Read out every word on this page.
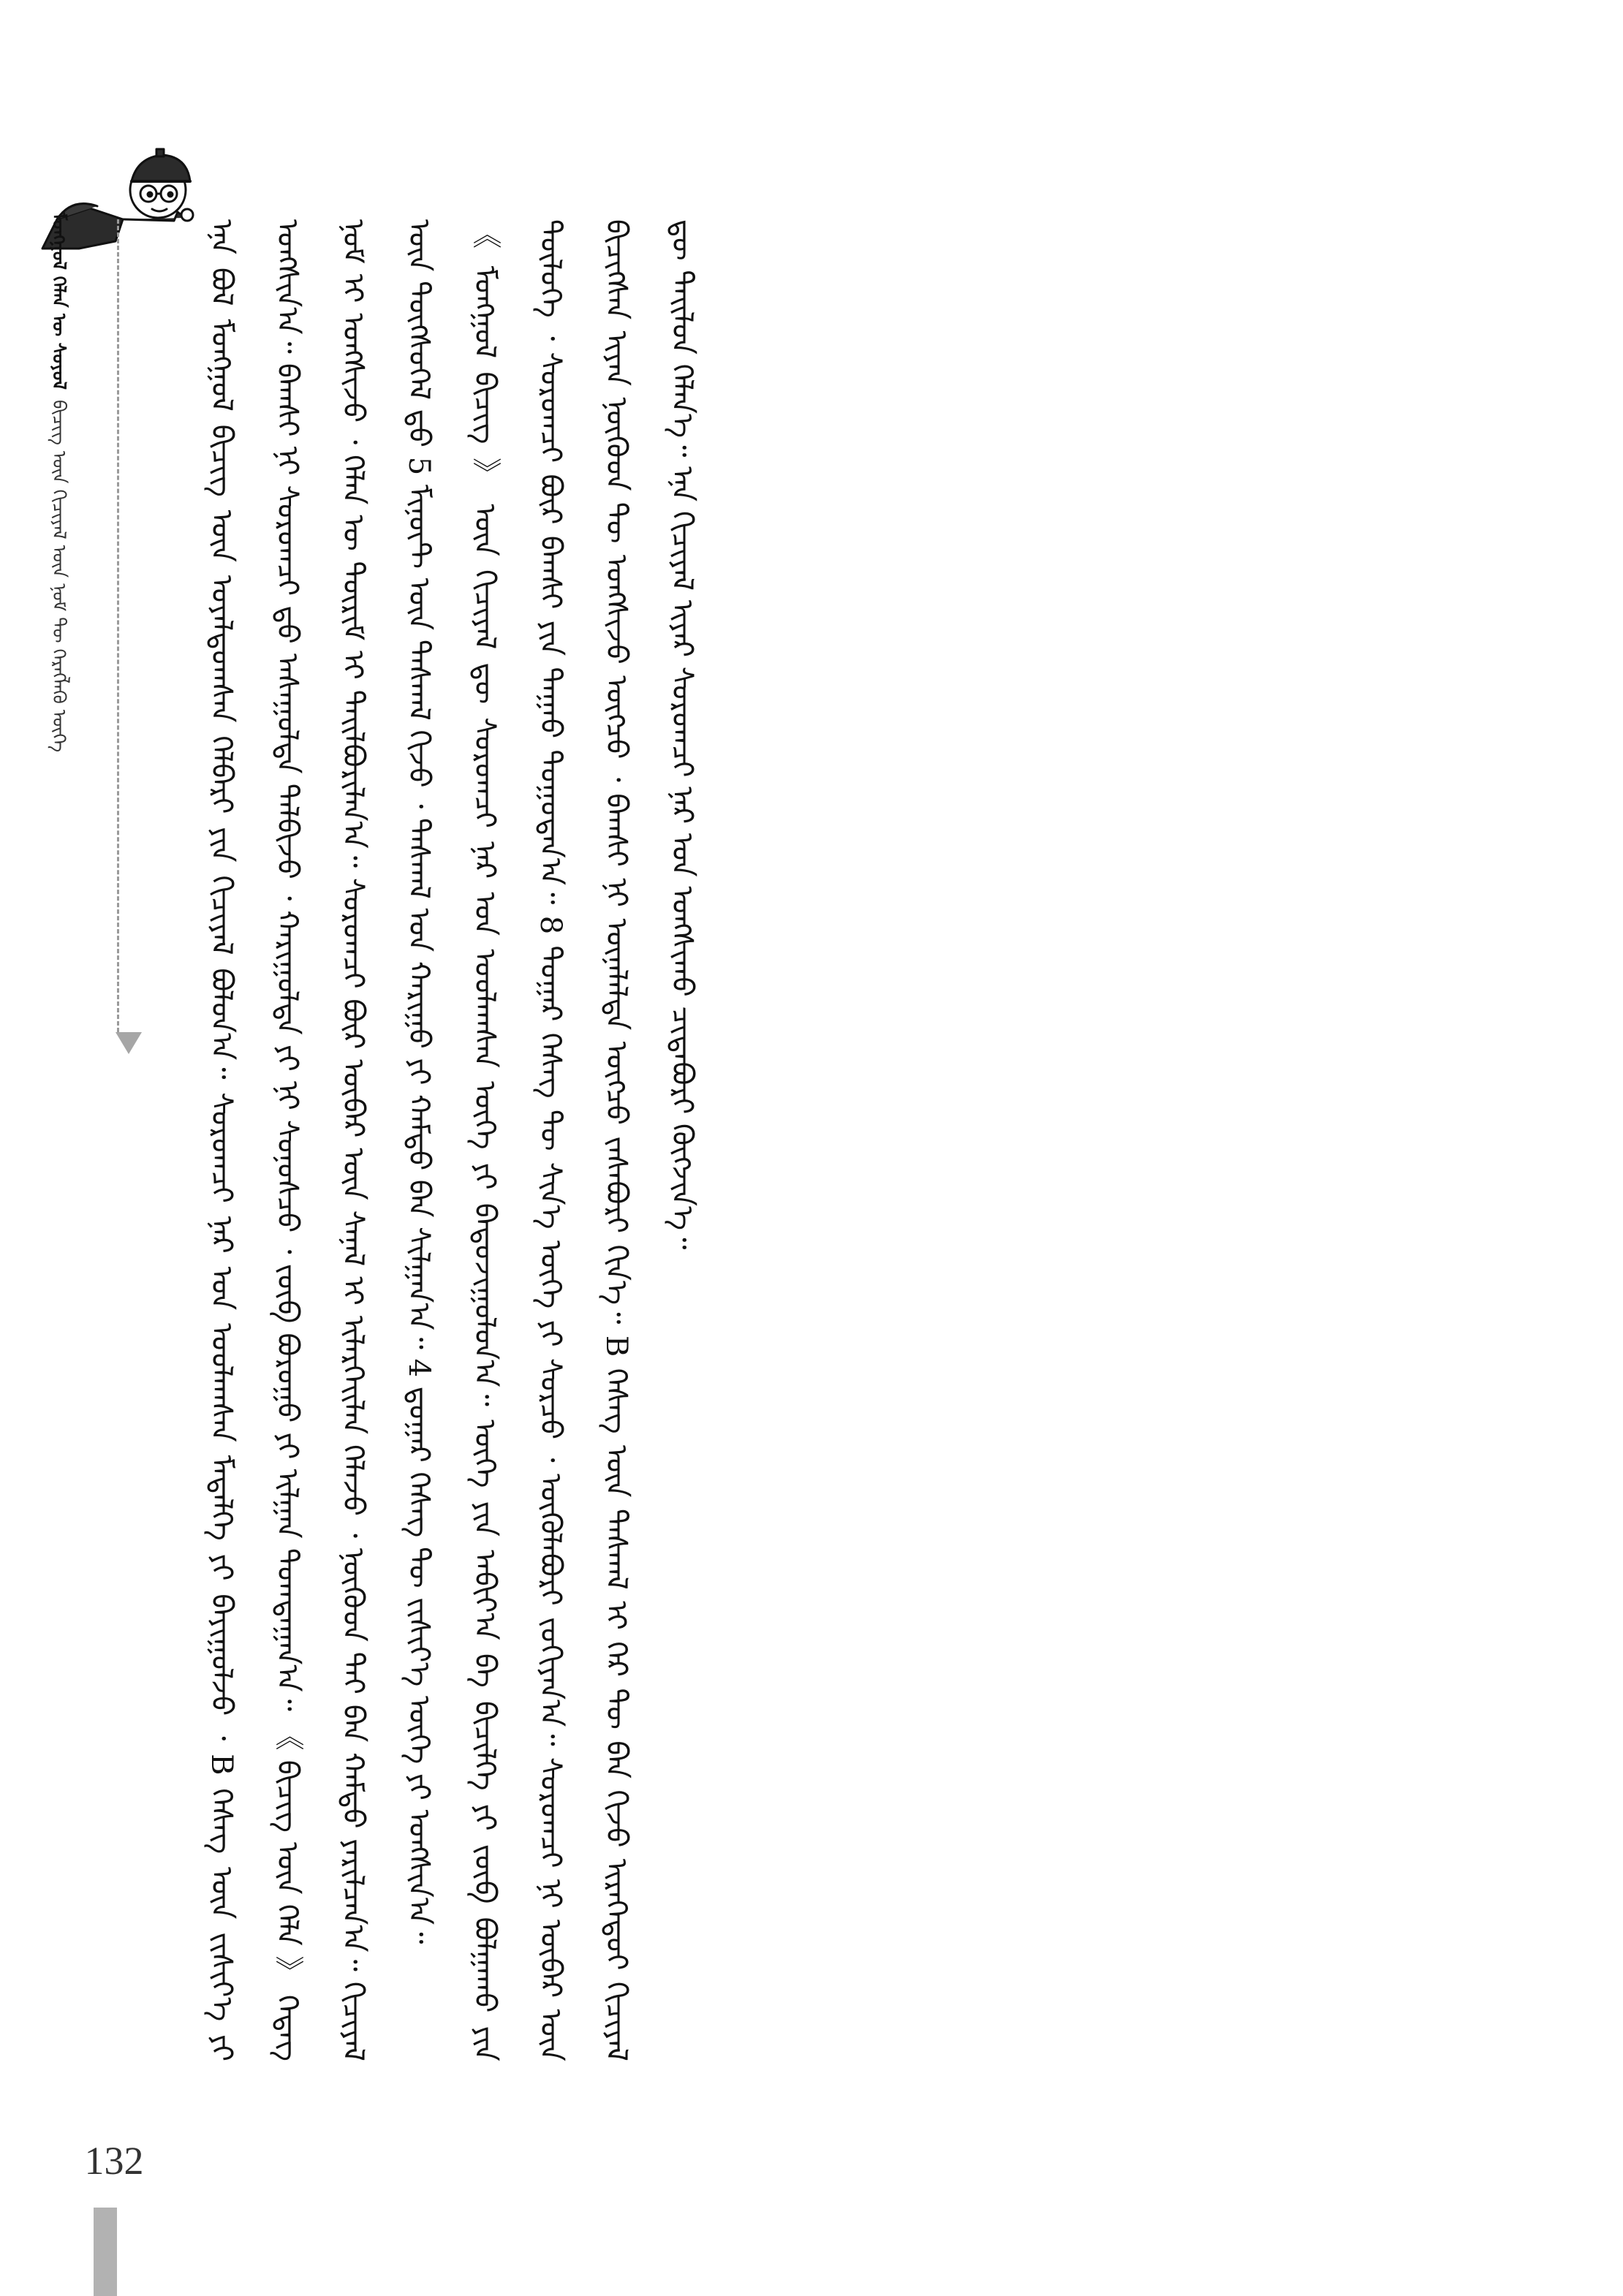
ᠮᠣᠩᠭᠣᠯ ᠬᠡᠯᠡᠨ ᠦ ᠰᠣᠶᠣᠯ
ᠪᠢᠴᠢᠭ ᠦᠨ ᠬᠢᠴᠢᠶᠡᠯ ᠦᠨ ᠨᠣᠮ ᠲᠦ ᠬᠡᠷᠡᠭᠯᠡᠬᠦ ᠦᠭᠡ	ᠡᠨᠡ ᠪᠣᠯ ᠮᠣᠩᠭᠣᠯ ᠪᠢᠴᠢᠭ ᠦᠨ ᠤᠶᠠᠯᠳᠤᠭᠰᠠᠨ ᠬᠡᠯᠪᠡᠷᠢ ᠶᠢᠨ ᠬᠢᠴᠢᠶᠡᠯ ᠪᠣᠯᠣᠨ᠎ᠠ᠃ ᠰᠤᠷᠤᠭᠴᠢ ᠨᠠᠷ ᠤᠨ ᠤᠤᠯᠠᠭᠰᠠᠨ ᠮᠡᠳᠡᠯᠭᠡ ᠶᠢ ᠪᠠᠶᠢᠭᠤᠯᠵᠤ ᠂ B ᠬᠡᠰᠡᠭ ᠦᠨ ᠵᠢᠱᠢᠶ᠎ᠡ ᠶᠢ ᠤᠩᠰᠢᠨ᠎ᠠ᠃ ᠪᠠᠭᠰᠢ ᠨᠢ ᠰᠤᠷᠤᠭᠴᠢ ᠳ᠋ᠤ ᠠᠰᠠᠭᠤᠯᠲᠠ ᠲᠠᠯᠪᠢᠵᠤ ᠂ ᠬᠠᠷᠢᠭᠤᠯᠲᠠ ᠶᠢ ᠨᠢ ᠰᠣᠨᠣᠰᠴᠤ ᠂ ᠵᠦᠪ ᠪᠤᠷᠤᠭᠤ ᠶᠢ ᠢᠯᠭᠠᠨ ᠲᠣᠭᠲᠠᠭᠠᠨ᠎ᠠ᠃ 《 ᠪᠢᠴᠢᠭ ᠦᠨ ᠬᠡᠯᠡ 》 ᠭᠡᠳᠡᠭ ᠨᠣᠮ ᠢ ᠤᠩᠰᠢᠵᠤ ᠂ ᠬᠡᠯᠡᠨ ᠦ ᠳᠦᠷᠢᠮ ᠢ ᠲᠠᠢᠯᠪᠤᠷᠢᠯᠠᠨ᠎ᠠ᠃ ᠰᠤᠷᠤᠭᠴᠢ ᠪᠦᠷ ᠥᠪᠡᠷ ᠦᠨ ᠰᠠᠨᠠᠯ ᠢ ᠢᠯᠡᠷᠬᠡᠢᠯᠡᠨ ᠬᠡᠯᠡᠵᠦ ᠂ ᠨᠥᠬᠥᠳ ᠲᠡᠢ ᠪᠠᠨ ᠬᠠᠮᠲᠤ ᠶᠠᠷᠢᠯᠴᠠᠨ᠎ᠠ᠃ ᠬᠢᠴᠢᠶᠡᠯ ᠦᠨ ᠲᠥᠭᠰᠦᠭᠡᠯ ᠳ᠋ᠤ 5 ᠮᠢᠨᠦ᠋ᠲ ᠦᠨ ᠳᠠᠰᠭᠠᠯ ᠬᠢᠵᠦ ᠂ ᠳᠠᠰᠭᠠᠯ ᠤᠨ ᠬᠠᠷᠢᠭᠤ ᠶᠢ ᠬᠠᠮᠲᠤ ᠪᠠᠨ ᠰᠢᠯᠭᠠᠨ᠎ᠠ᠃ 4 ᠳ᠋ᠤᠭᠠᠷ ᠬᠡᠰᠡᠭ ᠲᠦ ᠵᠢᠱᠢᠶ᠎ᠡ ᠦᠭᠡ ᠶᠢ ᠤᠩᠰᠢᠨ᠎ᠠ᠃	《 ᠮᠣᠩᠭᠣᠯ ᠪᠢᠴᠢᠭ 》 ᠦᠨ ᠬᠢᠴᠢᠶᠡᠯ ᠳᠦ ᠰᠤᠷᠤᠭᠴᠢ ᠨᠠᠷ ᠤᠨ ᠤᠤᠯᠠᠭᠰᠠᠨ ᠦᠭᠡ ᠶᠢ ᠪᠠᠲᠤᠵᠢᠭᠤᠯᠤᠨ᠎ᠠ᠃ ᠦᠭᠡ ᠶᠢᠨ ᠠᠪᠢᠶ᠎ᠠ ᠪᠠ ᠪᠢᠴᠢᠯᠭᠡ ᠶᠢ ᠵᠥᠪ ᠪᠣᠯᠭᠠᠬᠤ ᠶᠢᠨ ᠲᠥᠯᠥᠭᠡ ᠂ ᠰᠤᠷᠤᠭᠴᠢ ᠪᠦᠷ ᠪᠠᠭᠰᠢ ᠶᠢᠨ ᠳᠠᠭᠠᠤ ᠳᠤᠭᠤᠳᠠᠨ᠎ᠠ᠃ 8 ᠳᠤᠭᠠᠷ ᠬᠡᠰᠡᠭ ᠲᠦ ᠰᠢᠨ᠎ᠡ ᠦᠭᠡ ᠶᠢ ᠰᠤᠷᠴᠤ ᠂ ᠦᠭᠦᠯᠡᠪᠦᠷᠢ ᠵᠣᠬᠢᠶᠠᠨ᠎ᠠ᠃ ᠰᠤᠷᠤᠭᠴᠢ ᠨᠢ ᠥᠪᠡᠷ ᠦᠨ ᠪᠢᠴᠢᠭᠰᠡᠨ ᠢᠶᠡᠨ ᠨᠥᠬᠥᠳ ᠲᠦ ᠤᠩᠰᠢᠵᠤ ᠥᠭᠴᠦ ᠂ ᠪᠠᠭᠰᠢ ᠨᠢ ᠦᠨᠡᠯᠡᠯᠲᠡ ᠥᠭᠴᠦ ᠵᠠᠰᠠᠪᠤᠷᠢ ᠬᠢᠨ᠎ᠡ᠃ B ᠬᠡᠰᠡᠭ ᠦᠨ ᠳᠠᠰᠭᠠᠯ ᠢ ᠭᠡᠷ ᠲᠦ ᠪᠡᠨ ᠬᠢᠵᠦ ᠢᠷᠡᠭᠡᠳᠦᠢ ᠬᠢᠴᠢᠶᠡᠯ ᠳᠦ ᠲᠠᠢᠯᠤᠨ ᠬᠡᠯᠡᠨ᠎ᠡ᠃ ᠡᠨᠡ ᠬᠢᠴᠢᠶᠡᠯ ᠢᠶᠡᠷ ᠰᠤᠷᠤᠭᠴᠢ ᠨᠠᠷ ᠤᠨ ᠤᠩᠰᠢᠬᠤ ᠴᠢᠳᠠᠪᠤᠷᠢ ᠬᠥᠭᠵᠢᠨ᠎ᠡ᠃

132
